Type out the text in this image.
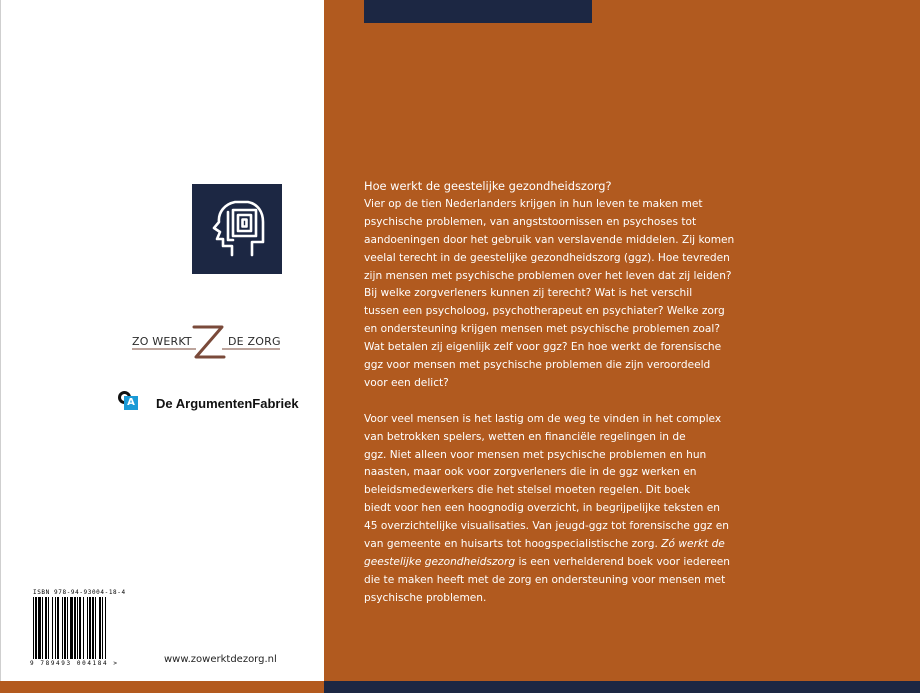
ZO WERKT	DE ZORG
A De ArgumentenFabriek
ISBN 978-94-93004-18-4
9 789493 004184 >	www.zowerktdezorg.nl

Hoe werkt de geestelijke gezondheidszorg?

Vier op de tien Nederlanders krijgen in hun leven te maken met
psychische problemen, van angststoornissen en psychoses tot
aandoeningen door het gebruik van verslavende middelen. Zij komen
veelal terecht in de geestelijke gezondheidszorg (ggz). Hoe tevreden
zijn mensen met psychische problemen over het leven dat zij leiden?
Bij welke zorgverleners kunnen zij terecht? Wat is het verschil
tussen een psycholoog, psychotherapeut en psychiater? Welke zorg
en ondersteuning krijgen mensen met psychische problemen zoal?
Wat betalen zij eigenlijk zelf voor ggz? En hoe werkt de forensische
ggz voor mensen met psychische problemen die zijn veroordeeld
voor een delict?

Voor veel mensen is het lastig om de weg te vinden in het complex
van betrokken spelers, wetten en financiële regelingen in de
ggz. Niet alleen voor mensen met psychische problemen en hun
naasten, maar ook voor zorgverleners die in de ggz werken en
beleidsmedewerkers die het stelsel moeten regelen. Dit boek
biedt voor hen een hoognodig overzicht, in begrijpelijke teksten en
45 overzichtelijke visualisaties. Van jeugd-ggz tot forensische ggz en
van gemeente en huisarts tot hoogspecialistische zorg. Zó werkt de
geestelijke gezondheidszorg is een verhelderend boek voor iedereen
die te maken heeft met de zorg en ondersteuning voor mensen met
psychische problemen.
